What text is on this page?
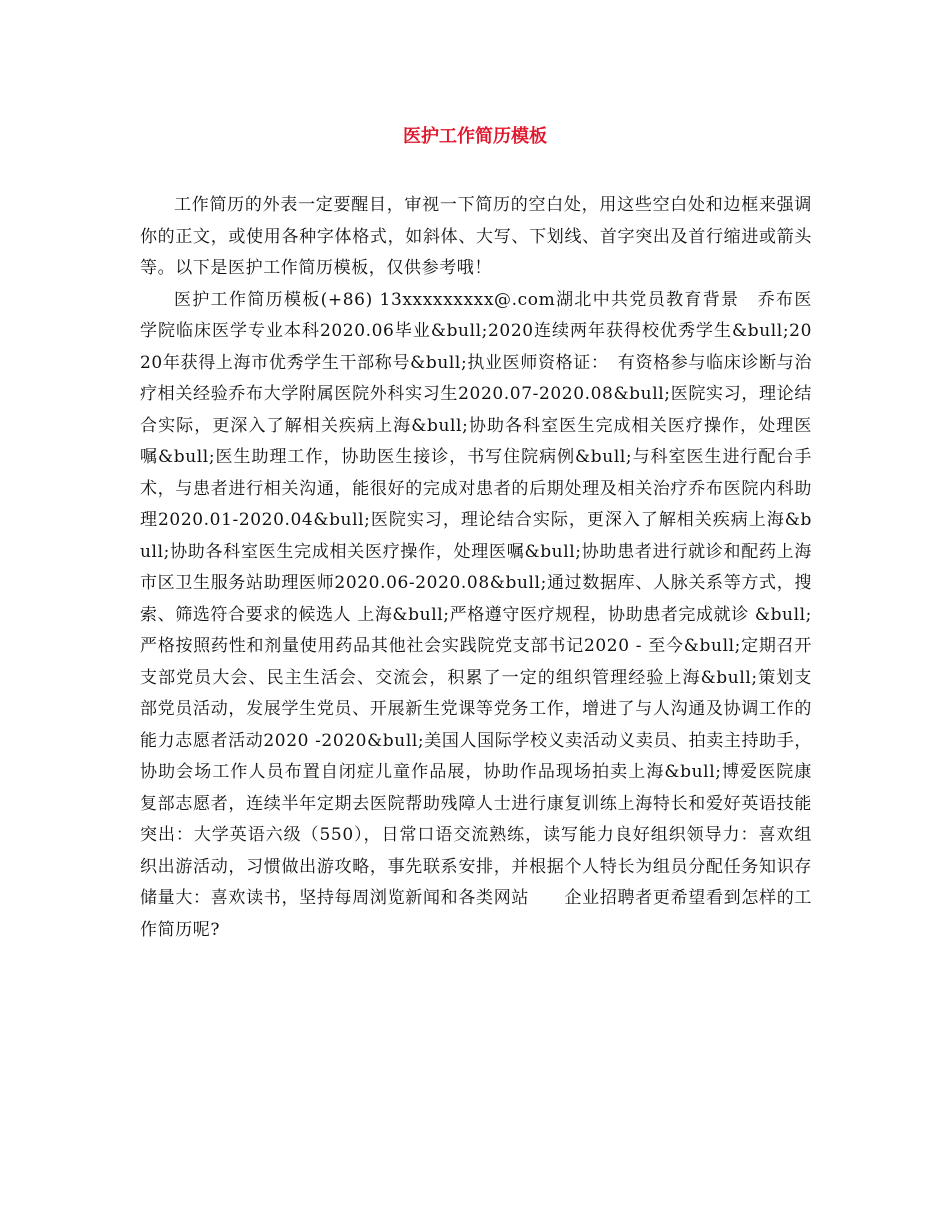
医护工作简历模板

工作简历的外表一定要醒目，审视一下简历的空白处，用这些空白处和边框来强调你的正文，或使用各种字体格式，如斜体、大写、下划线、首字突出及首行缩进或箭头等。以下是医护工作简历模板，仅供参考哦！

医护工作简历模板(+86) 13xxxxxxxxx@.com湖北中共党员教育背景　乔布医学院临床医学专业本科2020.06毕业&bull;2020连续两年获得校优秀学生&bull;2020年获得上海市优秀学生干部称号&bull;执业医师资格证：　有资格参与临床诊断与治疗相关经验乔布大学附属医院外科实习生2020.07-2020.08&bull;医院实习，理论结合实际，更深入了解相关疾病上海&bull;协助各科室医生完成相关医疗操作，处理医嘱&bull;医生助理工作，协助医生接诊，书写住院病例&bull;与科室医生进行配台手术，与患者进行相关沟通，能很好的完成对患者的后期处理及相关治疗乔布医院内科助理2020.01-2020.04&bull;医院实习，理论结合实际，更深入了解相关疾病上海&bull;协助各科室医生完成相关医疗操作，处理医嘱&bull;协助患者进行就诊和配药上海市区卫生服务站助理医师2020.06-2020.08&bull;通过数据库、人脉关系等方式，搜索、筛选符合要求的候选人 上海&bull;严格遵守医疗规程，协助患者完成就诊 &bull;严格按照药性和剂量使用药品其他社会实践院党支部书记2020 - 至今&bull;定期召开支部党员大会、民主生活会、交流会，积累了一定的组织管理经验上海&bull;策划支部党员活动，发展学生党员、开展新生党课等党务工作，增进了与人沟通及协调工作的能力志愿者活动2020 -2020&bull;美国人国际学校义卖活动义卖员、拍卖主持助手，协助会场工作人员布置自闭症儿童作品展，协助作品现场拍卖上海&bull;博爱医院康复部志愿者，连续半年定期去医院帮助残障人士进行康复训练上海特长和爱好英语技能突出：大学英语六级（550），日常口语交流熟练，读写能力良好组织领导力：喜欢组织出游活动，习惯做出游攻略，事先联系安排，并根据个人特长为组员分配任务知识存储量大：喜欢读书，坚持每周浏览新闻和各类网站　　企业招聘者更希望看到怎样的工作简历呢?
